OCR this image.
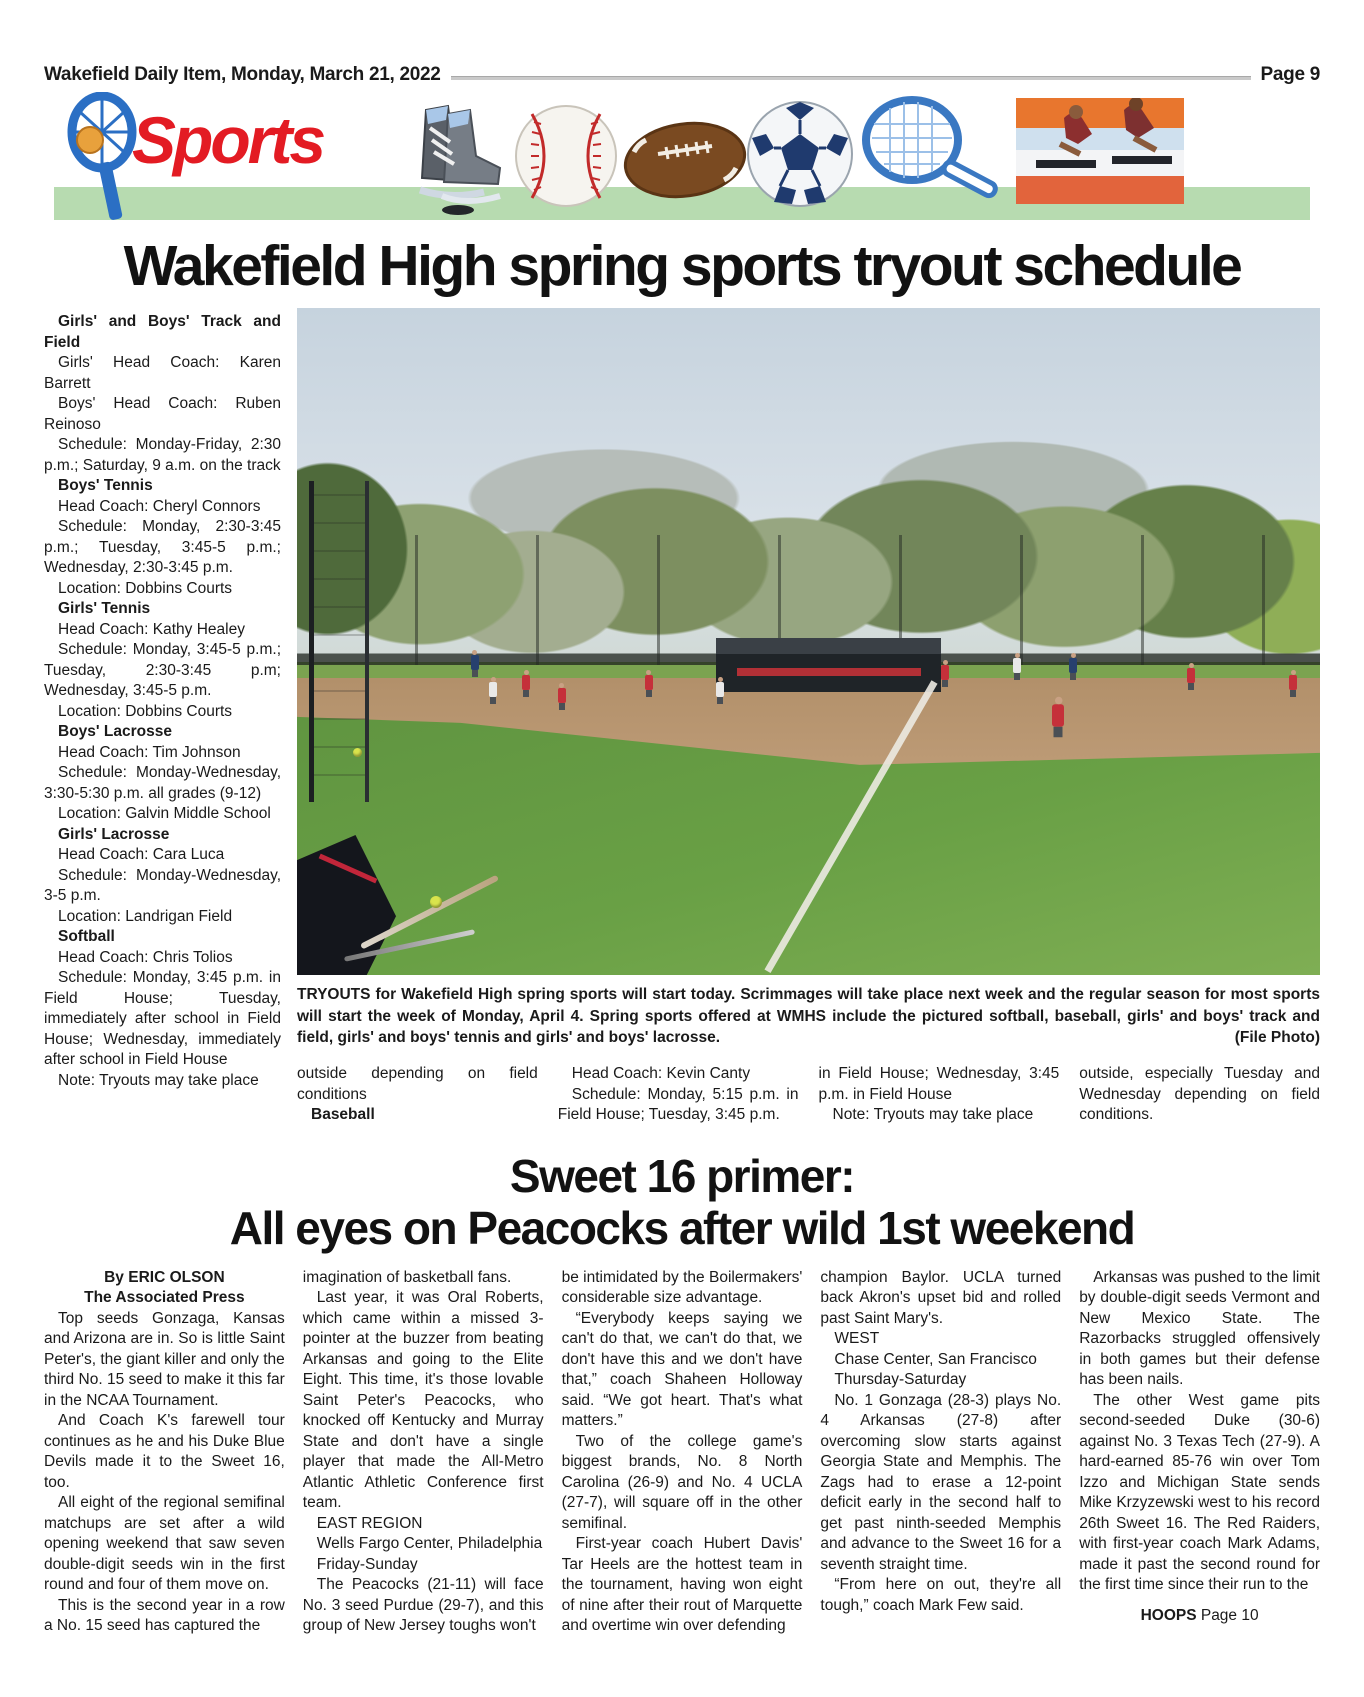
Wakefield Daily Item, Monday, March 21, 2022	Page 9
Sports
Wakefield High spring sports tryout schedule

Girls' and Boys' Track and Field

Girls' Head Coach: Karen Barrett

Boys' Head Coach: Ruben Reinoso

Schedule: Monday-Friday, 2:30 p.m.; Saturday, 9 a.m. on the track

Boys' Tennis

Head Coach: Cheryl Connors

Schedule: Monday, 2:30-3:45 p.m.; Tuesday, 3:45-5 p.m.; Wednesday, 2:30-3:45 p.m.

Location: Dobbins Courts

Girls' Tennis

Head Coach: Kathy Healey

Schedule: Monday, 3:45-5 p.m.; Tuesday, 2:30-3:45 p.m; Wednesday, 3:45-5 p.m.

Location: Dobbins Courts

Boys' Lacrosse

Head Coach: Tim Johnson

Schedule: Monday-Wednesday, 3:30-5:30 p.m. all grades (9-12)

Location: Galvin Middle School

Girls' Lacrosse

Head Coach: Cara Luca

Schedule: Monday-Wednesday, 3-5 p.m.

Location: Landrigan Field

Softball

Head Coach: Chris Tolios

Schedule: Monday, 3:45 p.m. in Field House; Tuesday, immediately after school in Field House; Wednesday, immediately after school in Field House

Note: Tryouts may take place

TRYOUTS for Wakefield High spring sports will start today. Scrimmages will take place next week and the regular season for most sports will start the week of Monday, April 4. Spring sports offered at WMHS include the pictured softball, baseball, girls' and boys' track and field, girls' and boys' tennis and girls' and boys' lacrosse.	(File Photo)

outside depending on field conditions

Baseball

Head Coach: Kevin Canty

Schedule: Monday, 5:15 p.m. in Field House; Tuesday, 3:45 p.m.

in Field House; Wednesday, 3:45 p.m. in Field House

Note: Tryouts may take place

outside, especially Tuesday and Wednesday depending on field conditions.

Sweet 16 primer:
All eyes on Peacocks after wild 1st weekend

By ERIC OLSON

The Associated Press

Top seeds Gonzaga, Kansas and Arizona are in. So is little Saint Peter's, the giant killer and only the third No. 15 seed to make it this far in the NCAA Tournament.

And Coach K's farewell tour continues as he and his Duke Blue Devils made it to the Sweet 16, too.

All eight of the regional semifinal matchups are set after a wild opening weekend that saw seven double-digit seeds win in the first round and four of them move on.

This is the second year in a row a No. 15 seed has captured the

imagination of basketball fans.

Last year, it was Oral Roberts, which came within a missed 3-pointer at the buzzer from beating Arkansas and going to the Elite Eight. This time, it's those lovable Saint Peter's Peacocks, who knocked off Kentucky and Murray State and don't have a single player that made the All-Metro Atlantic Athletic Conference first team.

EAST REGION

Wells Fargo Center, Philadelphia

Friday-Sunday

The Peacocks (21-11) will face No. 3 seed Purdue (29-7), and this group of New Jersey toughs won't

be intimidated by the Boilermakers' considerable size advantage.

“Everybody keeps saying we can't do that, we can't do that, we don't have this and we don't have that,” coach Shaheen Holloway said. “We got heart. That's what matters.”

Two of the college game's biggest brands, No. 8 North Carolina (26-9) and No. 4 UCLA (27-7), will square off in the other semifinal.

First-year coach Hubert Davis' Tar Heels are the hottest team in the tournament, having won eight of nine after their rout of Marquette and overtime win over defending

champion Baylor. UCLA turned back Akron's upset bid and rolled past Saint Mary's.

WEST

Chase Center, San Francisco

Thursday-Saturday

No. 1 Gonzaga (28-3) plays No. 4 Arkansas (27-8) after overcoming slow starts against Georgia State and Memphis. The Zags had to erase a 12-point deficit early in the second half to get past ninth-seeded Memphis and advance to the Sweet 16 for a seventh straight time.

“From here on out, they're all tough,” coach Mark Few said.

Arkansas was pushed to the limit by double-digit seeds Vermont and New Mexico State. The Razorbacks struggled offensively in both games but their defense has been nails.

The other West game pits second-seeded Duke (30-6) against No. 3 Texas Tech (27-9). A hard-earned 85-76 win over Tom Izzo and Michigan State sends Mike Krzyzewski west to his record 26th Sweet 16. The Red Raiders, with first-year coach Mark Adams, made it past the second round for the first time since their run to the

HOOPS Page 10
